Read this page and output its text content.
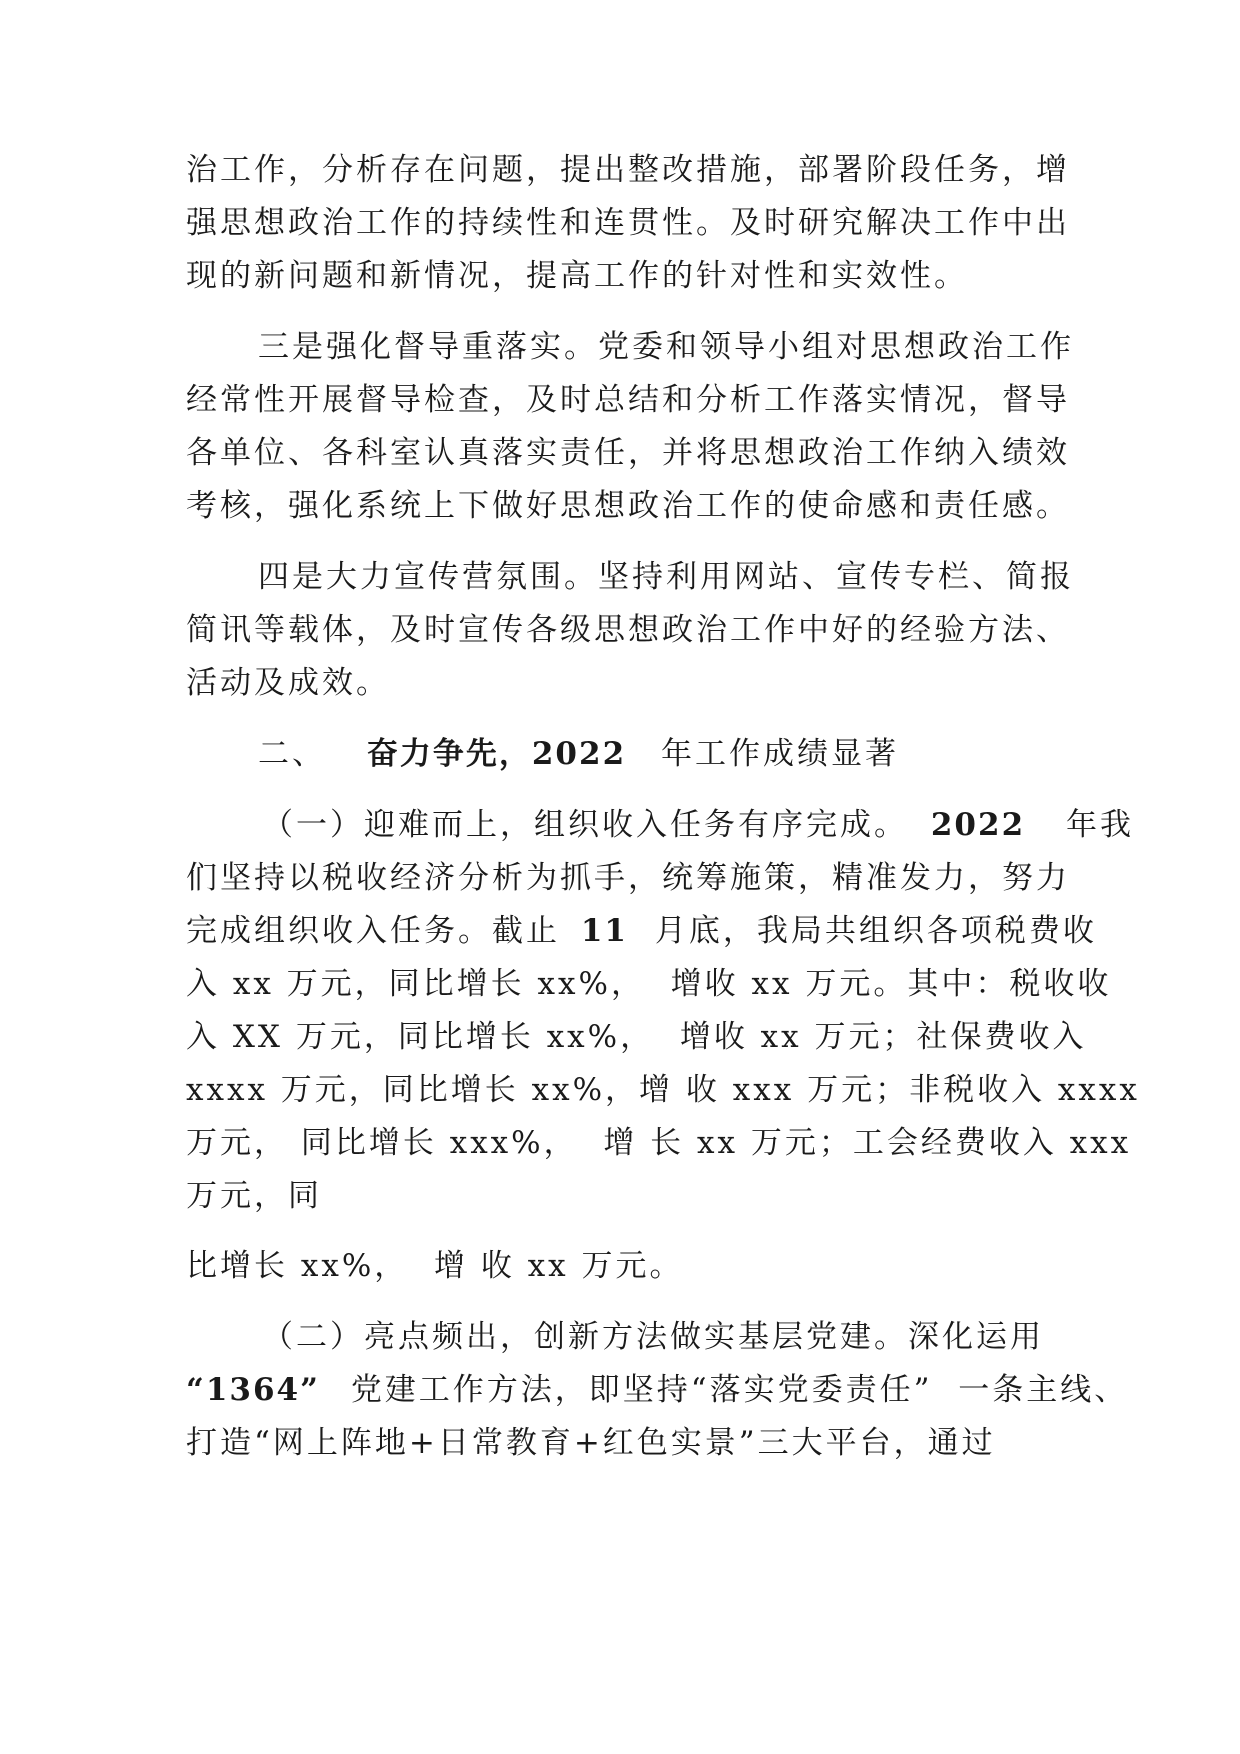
治工作，分析存在问题，提出整改措施，部署阶段任务，增
强思想政治工作的持续性和连贯性。及时研究解决工作中出
现的新问题和新情况，提高工作的针对性和实效性。
三是强化督导重落实。党委和领导小组对思想政治工作
经常性开展督导检查，及时总结和分析工作落实情况，督导
各单位、各科室认真落实责任，并将思想政治工作纳入绩效
考核，强化系统上下做好思想政治工作的使命感和责任感。
四是大力宣传营氛围。坚持利用网站、宣传专栏、简报
简讯等载体，及时宣传各级思想政治工作中好的经验方法、
活动及成效。
二、 奋力争先，2022 年工作成绩显著
（一）迎难而上，组织收入任务有序完成。 2022 年我
们坚持以税收经济分析为抓手，统筹施策，精准发力，努力
完成组织收入任务。截止 11 月底，我局共组织各项税费收
入 xx 万元，同比增长 xx%，  增收 xx 万元。其中：税收收
入 XX 万元，同比增长 xx%，  增收 xx 万元；社保费收入
xxxx 万元，同比增长 xx%，增 收 xxx 万元；非税收入 xxxx
万元， 同比增长 xxx%，  增 长 xx 万元；工会经费收入 xxx
万元，同
比增长 xx%，  增 收 xx 万元。
（二）亮点频出，创新方法做实基层党建。深化运用
“1364” 党建工作方法，即坚持“落实党委责任”  一条主线、
打造“网上阵地+日常教育+红色实景”三大平台，通过
